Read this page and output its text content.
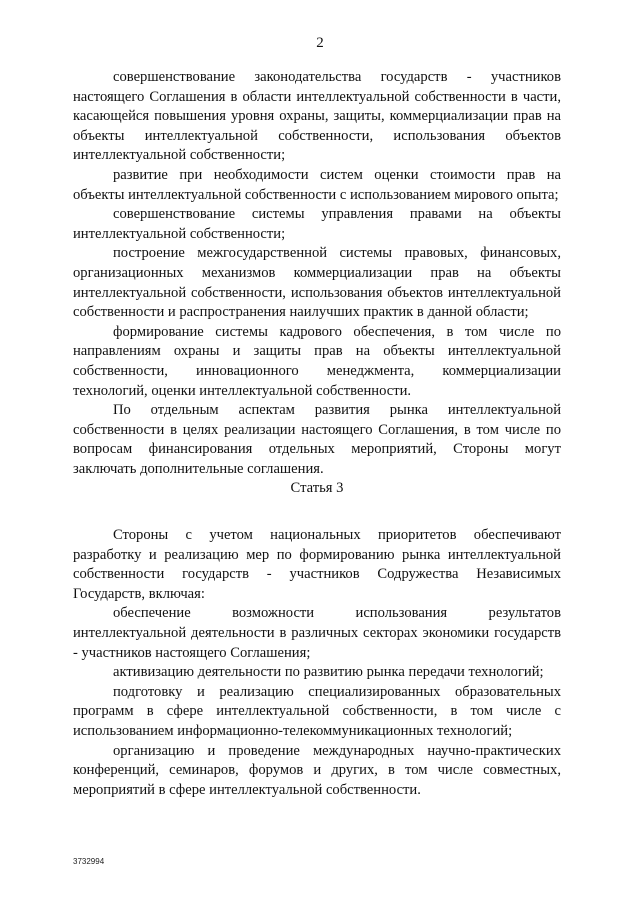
2

совершенствование законодательства государств - участников настоящего Соглашения в области интеллектуальной собственности в части, касающейся повышения уровня охраны, защиты, коммерциализации прав на объекты интеллектуальной собственности, использования объектов интеллектуальной собственности;

развитие при необходимости систем оценки стоимости прав на объекты интеллектуальной собственности с использованием мирового опыта;

совершенствование системы управления правами на объекты интеллектуальной собственности;

построение межгосударственной системы правовых, финансовых, организационных механизмов коммерциализации прав на объекты интеллектуальной собственности, использования объектов интеллектуальной собственности и распространения наилучших практик в данной области;

формирование системы кадрового обеспечения, в том числе по направлениям охраны и защиты прав на объекты интеллектуальной собственности, инновационного менеджмента, коммерциализации технологий, оценки интеллектуальной собственности.

По отдельным аспектам развития рынка интеллектуальной собственности в целях реализации настоящего Соглашения, в том числе по вопросам финансирования отдельных мероприятий, Стороны могут заключать дополнительные соглашения.

Статья 3

Стороны с учетом национальных приоритетов обеспечивают разработку и реализацию мер по формированию рынка интеллектуальной собственности государств - участников Содружества Независимых Государств, включая:

обеспечение возможности использования результатов интеллектуальной деятельности в различных секторах экономики государств - участников настоящего Соглашения;

активизацию деятельности по развитию рынка передачи технологий;

подготовку и реализацию специализированных образовательных программ в сфере интеллектуальной собственности, в том числе с использованием информационно-телекоммуникационных технологий;

организацию и проведение международных научно-практических конференций, семинаров, форумов и других, в том числе совместных, мероприятий в сфере интеллектуальной собственности.

3732994
